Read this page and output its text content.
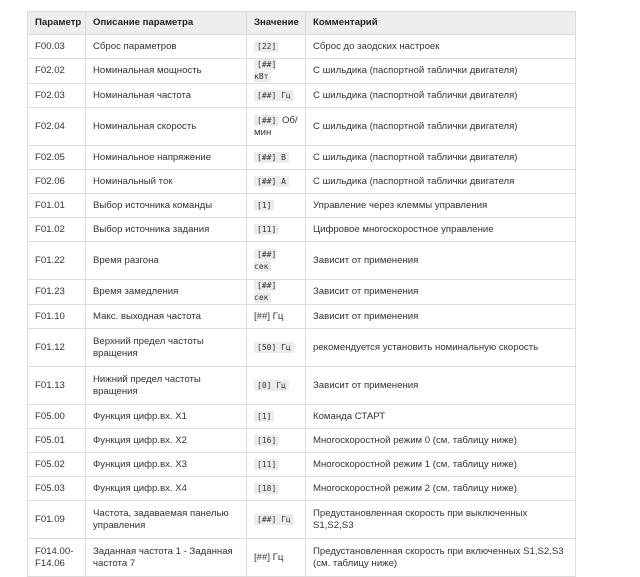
Параметр	Описание параметра	Значение	Комментарий
F00.03	Сброс параметров	[22]	Сброс до заодских настроек
F02.02	Номинальная мощность	[##] кВт	С шильдика (паспортной таблички двигателя)
F02.03	Номинальная частота	[##] Гц	С шильдика (паспортной таблички двигателя)
F02.04	Номинальная скорость	[##] Об/мин	С шильдика (паспортной таблички двигателя)
F02.05	Номинальное напряжение	[##] В	С шильдика (паспортной таблички двигателя)
F02.06	Номинальный ток	[##] А	С шильдика (паспортной таблички двигателя
F01.01	Выбор источника команды	[1]	Управление через клеммы управления
F01.02	Выбор источника задания	[11]	Цифровое многоскоростное управление
F01.22	Время разгона	[##] сек	Зависит от применения
F01.23	Время замедления	[##] сек	Зависит от применения
F01.10	Макс. выходная частота	[##] Гц	Зависит от применения
F01.12	Верхний предел частоты вращения	[50] Гц	рекомендуется установить номинальную скорость
F01.13	Нижний предел частоты вращения	[0] Гц	Зависит от применения
F05.00	Функция цифр.вх. X1	[1]	Команда СТАРТ
F05.01	Функция цифр.вх. X2	[16]	Многоскоростной режим 0 (см. таблицу ниже)
F05.02	Функция цифр.вх. X3	[11]	Многоскоростной режим 1 (см. таблицу ниже)
F05.03	Функция цифр.вх. X4	[18]	Многоскоростной режим 2 (см. таблицу ниже)
F01.09	Частота, задаваемая панелью управления	[##] Гц	Предустановленная скорость при выключенных S1,S2,S3
F014.00-F14.06	Заданная частота 1 - Заданная частота 7	[##] Гц	Предустановленная скорость при включенных S1,S2,S3 (см. таблицу ниже)
